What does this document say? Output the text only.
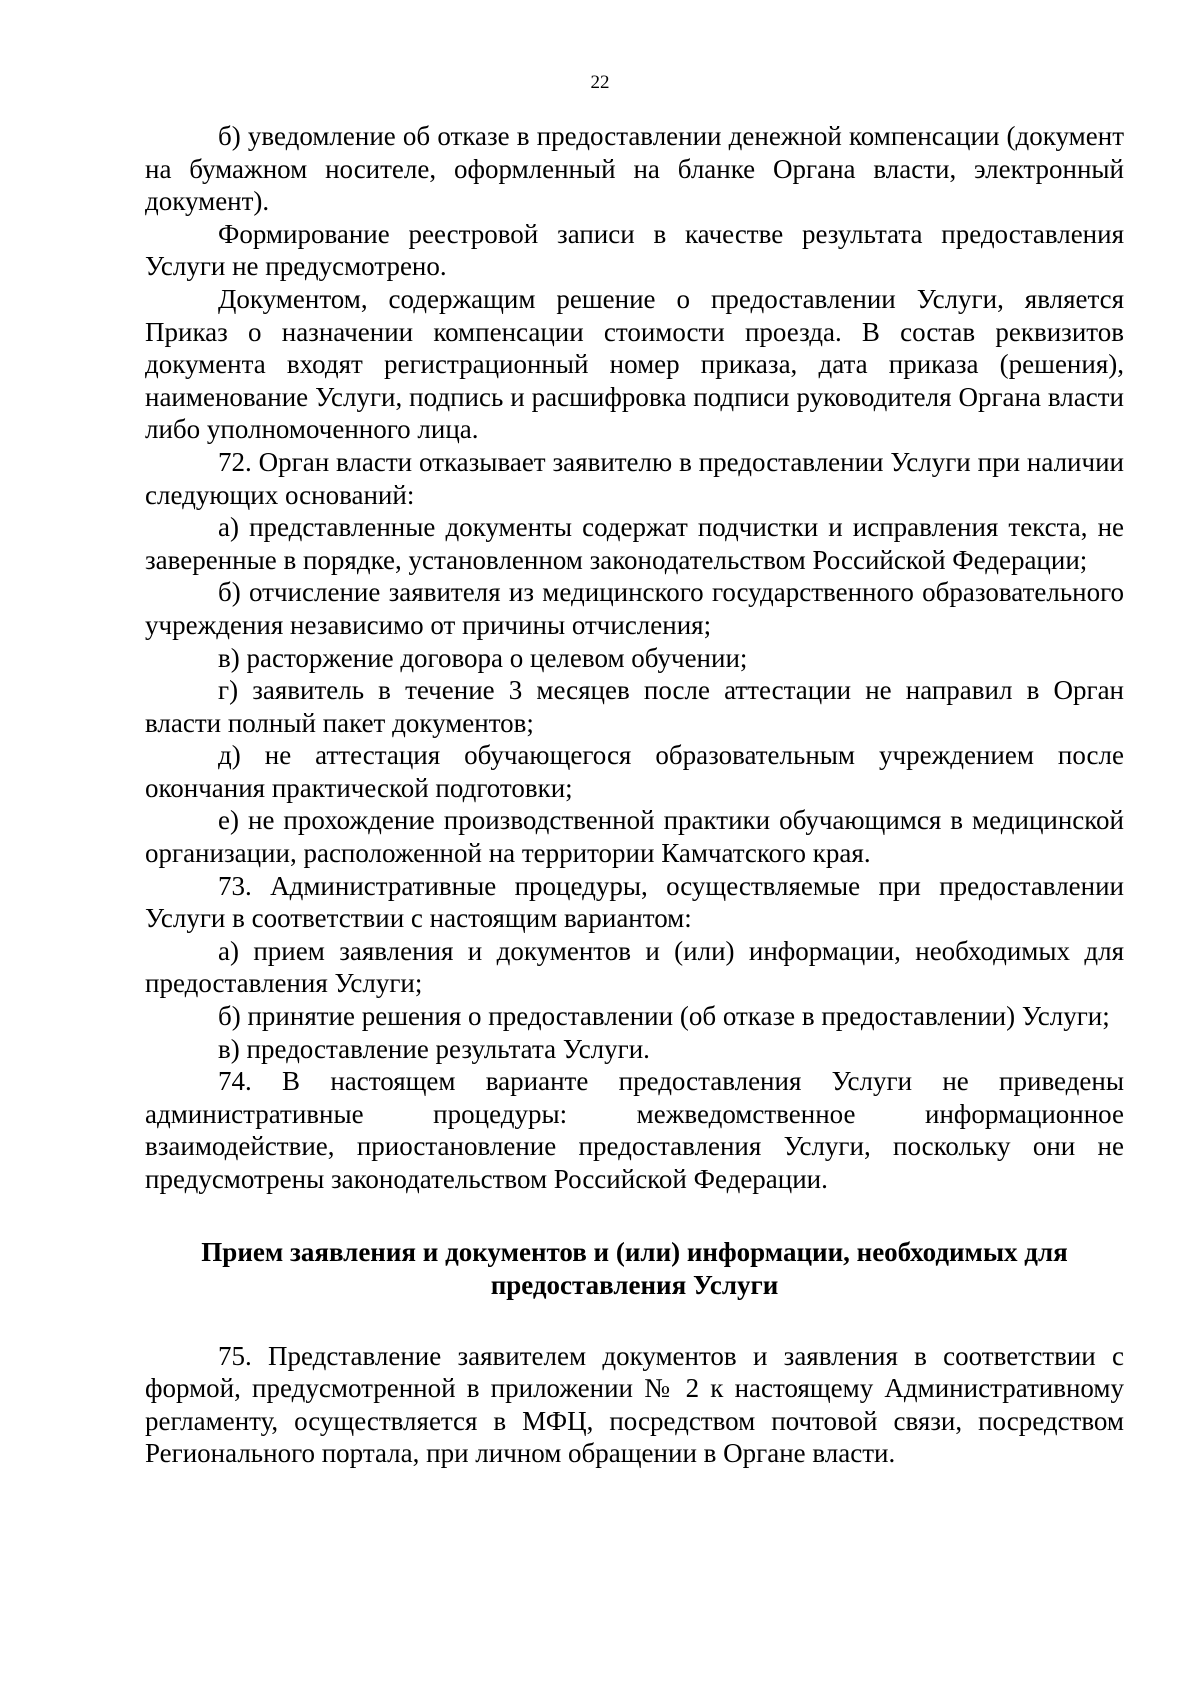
22

б) уведомление об отказе в предоставлении денежной компенсации (документ на бумажном носителе, оформленный на бланке Органа власти, электронный документ).

Формирование реестровой записи в качестве результата предоставления Услуги не предусмотрено.

Документом, содержащим решение о предоставлении Услуги, является Приказ о назначении компенсации стоимости проезда. В состав реквизитов документа входят регистрационный номер приказа, дата приказа (решения), наименование Услуги, подпись и расшифровка подписи руководителя Органа власти либо уполномоченного лица.

72. Орган власти отказывает заявителю в предоставлении Услуги при наличии следующих оснований:

а) представленные документы содержат подчистки и исправления текста, не заверенные в порядке, установленном законодательством Российской Федерации;

б) отчисление заявителя из медицинского государственного образовательного учреждения независимо от причины отчисления;

в) расторжение договора о целевом обучении;

г) заявитель в течение 3 месяцев после аттестации не направил в Орган власти полный пакет документов;

д) не аттестация обучающегося образовательным учреждением после окончания практической подготовки;

е) не прохождение производственной практики обучающимся в медицинской организации, расположенной на территории Камчатского края.

73. Административные процедуры, осуществляемые при предоставлении Услуги в соответствии с настоящим вариантом:

а) прием заявления и документов и (или) информации, необходимых для предоставления Услуги;

б) принятие решения о предоставлении (об отказе в предоставлении) Услуги;

в) предоставление результата Услуги.

74. В настоящем варианте предоставления Услуги не приведены административные процедуры: межведомственное информационное взаимодействие, приостановление предоставления Услуги, поскольку они не предусмотрены законодательством Российской Федерации.

Прием заявления и документов и (или) информации, необходимых для
предоставления Услуги

75. Представление заявителем документов и заявления в соответствии с формой, предусмотренной в приложении № 2 к настоящему Административному регламенту, осуществляется в МФЦ, посредством почтовой связи, посредством Регионального портала, при личном обращении в Органе власти.
